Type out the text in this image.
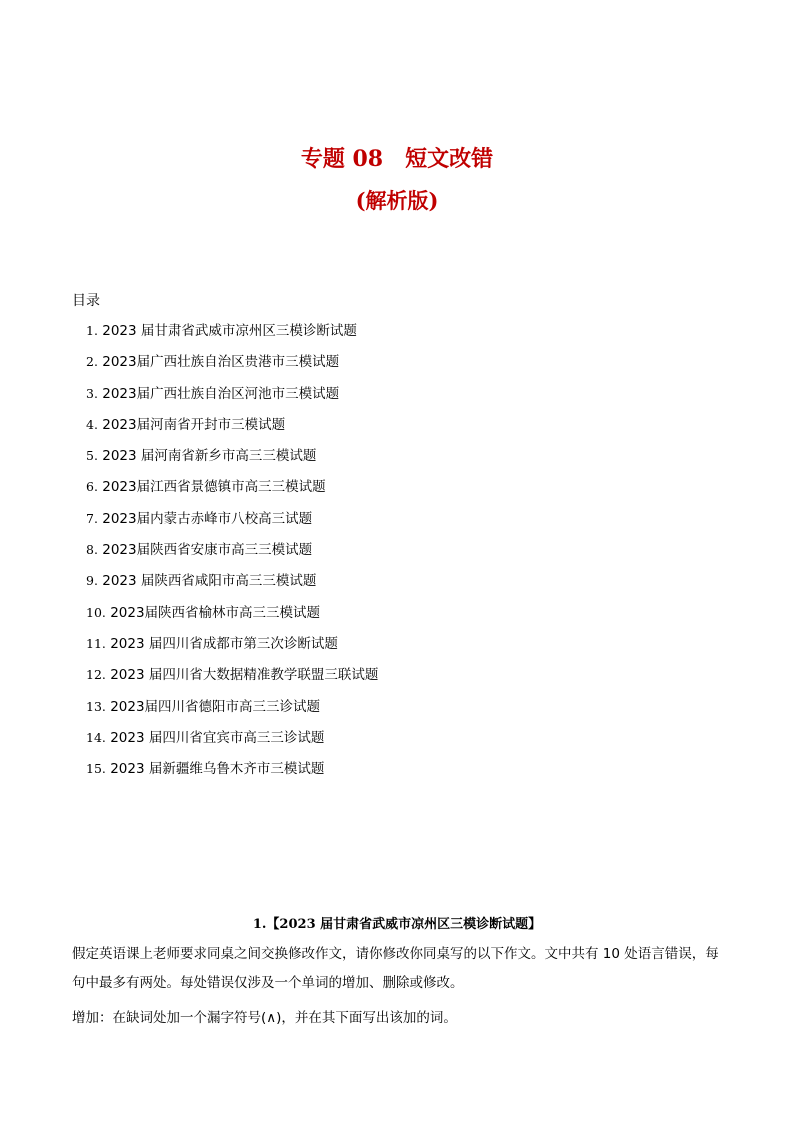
专题 08 短文改错
(解析版)
目录
1. 2023 届甘肃省武威市凉州区三模诊断试题
2. 2023届广西壮族自治区贵港市三模试题
3. 2023届广西壮族自治区河池市三模试题
4. 2023届河南省开封市三模试题
5. 2023 届河南省新乡市高三三模试题
6. 2023届江西省景德镇市高三三模试题
7. 2023届内蒙古赤峰市八校高三试题
8. 2023届陕西省安康市高三三模试题
9. 2023 届陕西省咸阳市高三三模试题
10. 2023届陕西省榆林市高三三模试题
11. 2023 届四川省成都市第三次诊断试题
12. 2023 届四川省大数据精准教学联盟三联试题
13. 2023届四川省德阳市高三三诊试题
14. 2023 届四川省宜宾市高三三诊试题
15. 2023 届新疆维乌鲁木齐市三模试题
1.【2023 届甘肃省武威市凉州区三模诊断试题】
假定英语课上老师要求同桌之间交换修改作文，请你修改你同桌写的以下作文。文中共有 10 处语言错误，每句中最多有两处。每处错误仅涉及一个单词的增加、删除或修改。
增加：在缺词处加一个漏字符号(∧)，并在其下面写出该加的词。
